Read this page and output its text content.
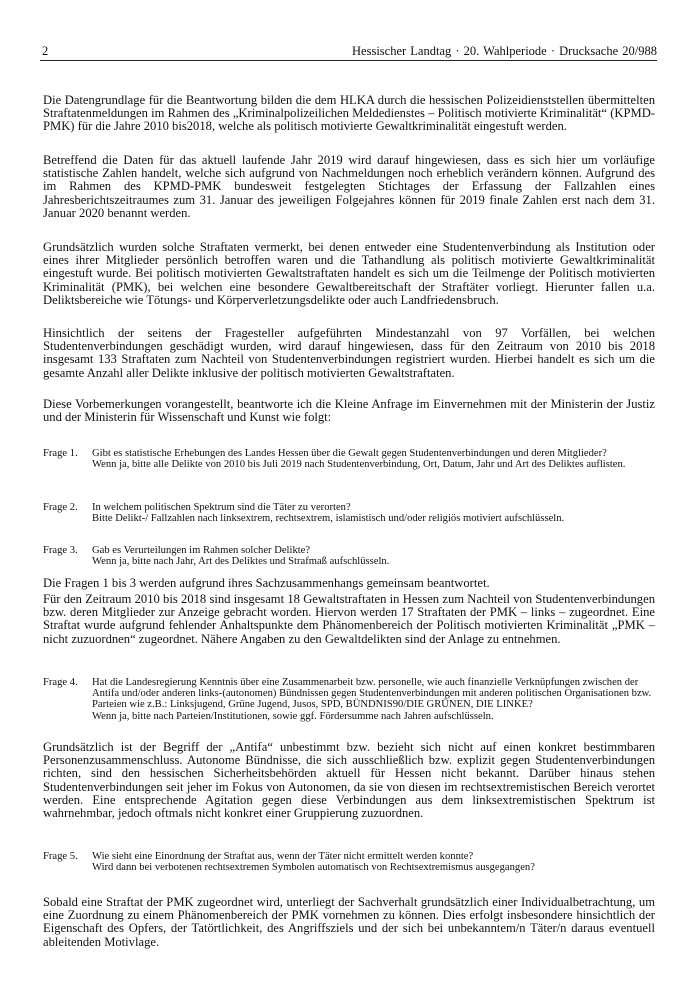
2	Hessischer Landtag · 20. Wahlperiode · Drucksache 20/988

Die Datengrundlage für die Beantwortung bilden die dem HLKA durch die hessischen Polizeidienststellen übermittelten Straftatenmeldungen im Rahmen des „Kriminalpolizeilichen Meldedienstes – Politisch motivierte Kriminalität“ (KPMD-PMK) für die Jahre 2010 bis2018, welche als politisch motivierte Gewaltkriminalität eingestuft werden.

Betreffend die Daten für das aktuell laufende Jahr 2019 wird darauf hingewiesen, dass es sich hier um vorläufige statistische Zahlen handelt, welche sich aufgrund von Nachmeldungen noch erheblich verändern können. Aufgrund des im Rahmen des KPMD-PMK bundesweit festgelegten Stichtages der Erfassung der Fallzahlen eines Jahresberichtszeitraumes zum 31. Januar des jeweiligen Folgejahres können für 2019 finale Zahlen erst nach dem 31. Januar 2020 benannt werden.

Grundsätzlich wurden solche Straftaten vermerkt, bei denen entweder eine Studentenverbindung als Institution oder eines ihrer Mitglieder persönlich betroffen waren und die Tathandlung als politisch motivierte Gewaltkriminalität eingestuft wurde. Bei politisch motivierten Gewaltstraftaten handelt es sich um die Teilmenge der Politisch motivierten Kriminalität (PMK), bei welchen eine besondere Gewaltbereitschaft der Straftäter vorliegt. Hierunter fallen u.a. Deliktsbereiche wie Tötungs- und Körperverletzungsdelikte oder auch Landfriedensbruch.

Hinsichtlich der seitens der Fragesteller aufgeführten Mindestanzahl von 97 Vorfällen, bei welchen Studentenverbindungen geschädigt wurden, wird darauf hingewiesen, dass für den Zeitraum von 2010 bis 2018 insgesamt 133 Straftaten zum Nachteil von Studentenverbindungen registriert wurden. Hierbei handelt es sich um die gesamte Anzahl aller Delikte inklusive der politisch motivierten Gewaltstraftaten.

Diese Vorbemerkungen vorangestellt, beantworte ich die Kleine Anfrage im Einvernehmen mit der Ministerin der Justiz und der Ministerin für Wissenschaft und Kunst wie folgt:

Frage 1.	Gibt es statistische Erhebungen des Landes Hessen über die Gewalt gegen Studentenverbindungen und deren Mitglieder?
Wenn ja, bitte alle Delikte von 2010 bis Juli 2019 nach Studentenverbindung, Ort, Datum, Jahr und Art des Deliktes auflisten.
Frage 2.	In welchem politischen Spektrum sind die Täter zu verorten?
Bitte Delikt-/ Fallzahlen nach linksextrem, rechtsextrem, islamistisch und/oder religiös motiviert aufschlüsseln.
Frage 3.	Gab es Verurteilungen im Rahmen solcher Delikte?
Wenn ja, bitte nach Jahr, Art des Deliktes und Strafmaß aufschlüsseln.

Die Fragen 1 bis 3 werden aufgrund ihres Sachzusammenhangs gemeinsam beantwortet.

Für den Zeitraum 2010 bis 2018 sind insgesamt 18 Gewaltstraftaten in Hessen zum Nachteil von Studentenverbindungen bzw. deren Mitglieder zur Anzeige gebracht worden. Hiervon werden 17 Straftaten der PMK – links – zugeordnet. Eine Straftat wurde aufgrund fehlender Anhaltspunkte dem Phänomenbereich der Politisch motivierten Kriminalität „PMK – nicht zuzuordnen“ zugeordnet. Nähere Angaben zu den Gewaltdelikten sind der Anlage zu entnehmen.

Frage 4.	Hat die Landesregierung Kenntnis über eine Zusammenarbeit bzw. personelle, wie auch finanzielle Verknüpfungen zwischen der Antifa und/oder anderen links-(autonomen) Bündnissen gegen Studentenverbindungen mit anderen politischen Organisationen bzw. Parteien wie z.B.: Linksjugend, Grüne Jugend, Jusos, SPD, BÜNDNIS90/DIE GRÜNEN, DIE LINKE?
Wenn ja, bitte nach Parteien/Institutionen, sowie ggf. Fördersumme nach Jahren aufschlüsseln.

Grundsätzlich ist der Begriff der „Antifa“ unbestimmt bzw. bezieht sich nicht auf einen konkret bestimmbaren Personenzusammenschluss. Autonome Bündnisse, die sich ausschließlich bzw. explizit gegen Studentenverbindungen richten, sind den hessischen Sicherheitsbehörden aktuell für Hessen nicht bekannt. Darüber hinaus stehen Studentenverbindungen seit jeher im Fokus von Autonomen, da sie von diesen im rechtsextremistischen Bereich verortet werden. Eine entsprechende Agitation gegen diese Verbindungen aus dem linksextremistischen Spektrum ist wahrnehmbar, jedoch oftmals nicht konkret einer Gruppierung zuzuordnen.

Frage 5.	Wie sieht eine Einordnung der Straftat aus, wenn der Täter nicht ermittelt werden konnte?
Wird dann bei verbotenen rechtsextremen Symbolen automatisch von Rechtsextremismus ausgegangen?

Sobald eine Straftat der PMK zugeordnet wird, unterliegt der Sachverhalt grundsätzlich einer Individualbetrachtung, um eine Zuordnung zu einem Phänomenbereich der PMK vornehmen zu können. Dies erfolgt insbesondere hinsichtlich der Eigenschaft des Opfers, der Tatörtlichkeit, des Angriffsziels und der sich bei unbekanntem/n Täter/n daraus eventuell ableitenden Motivlage.
